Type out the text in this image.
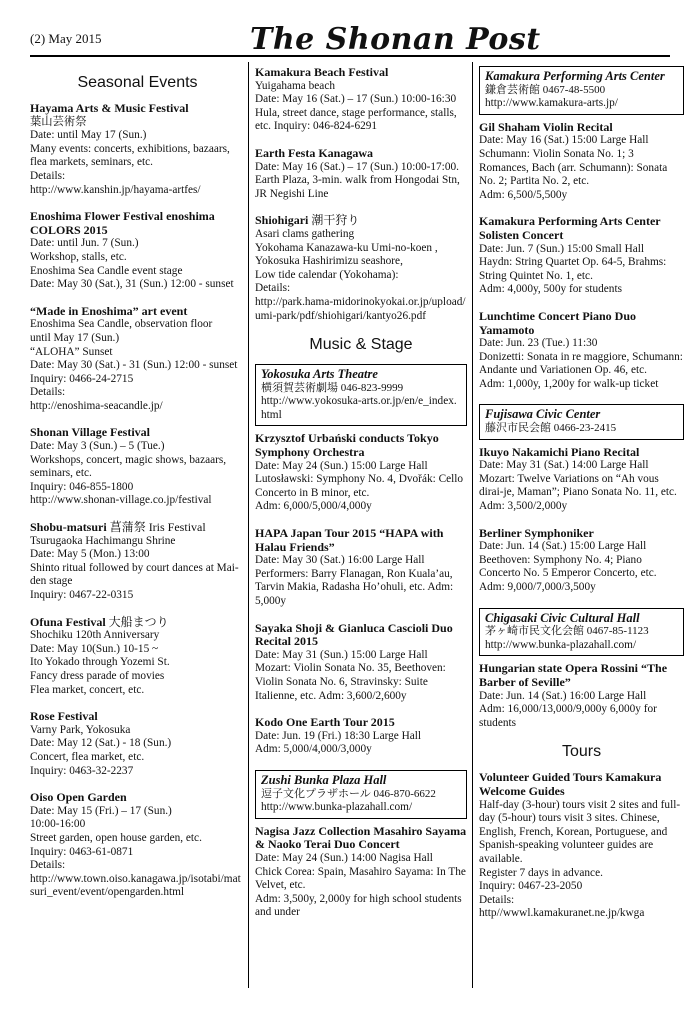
(2) May 2015	The Shonan Post
Seasonal Events
Hayama Arts & Music Festival
葉山芸術祭
Date: until May 17 (Sun.)
Many events: concerts, exhibitions, bazaars, flea markets, seminars, etc.
Details:
http://www.kanshin.jp/hayama-artfes/
Enoshima Flower Festival enoshima COLORS 2015
Date: until Jun. 7 (Sun.)
Workshop, stalls, etc.
Enoshima Sea Candle event stage
Date: May 30 (Sat.), 31 (Sun.) 12:00 - sunset
“Made in Enoshima” art event
Enoshima Sea Candle, observation floor
until May 17 (Sun.)
“ALOHA” Sunset
Date: May 30 (Sat.) - 31 (Sun.) 12:00 - sunset
Inquiry: 0466-24-2715
Details:
http://enoshima-seacandle.jp/
Shonan Village Festival
Date: May 3 (Sun.) – 5 (Tue.)
Workshops, concert, magic shows, bazaars, seminars, etc.
Inquiry: 046-855-1800
http://www.shonan-village.co.jp/festival
Shobu-matsuri 菖蒲祭 Iris Festival
Tsurugaoka Hachimangu Shrine
Date: May 5 (Mon.) 13:00
Shinto ritual followed by court dances at Mai-den stage
Inquiry: 0467-22-0315
Ofuna Festival 大船まつり
Shochiku 120th Anniversary
Date: May 10(Sun.) 10-15 ~
Ito Yokado through Yozemi St.
Fancy dress parade of movies
Flea market, concert, etc.
Rose Festival
Varny Park, Yokosuka
Date: May 12 (Sat.) - 18 (Sun.)
Concert, flea market, etc.
Inquiry: 0463-32-2237
Oiso Open Garden
Date: May 15 (Fri.) – 17 (Sun.)
10:00-16:00
Street garden, open house garden, etc.
Inquiry: 0463-61-0871
Details:
http://www.town.oiso.kanagawa.jp/isotabi/matsuri_event/event/opengarden.html
Kamakura Beach Festival
Yuigahama beach
Date: May 16 (Sat.) – 17 (Sun.) 10:00-16:30
Hula, street dance, stage performance, stalls, etc. Inquiry: 046-824-6291
Earth Festa Kanagawa
Date: May 16 (Sat.) – 17 (Sun.) 10:00-17:00. Earth Plaza, 3-min. walk from Hongodai Stn, JR Negishi Line
Shiohigari 潮干狩り
Asari clams gathering
Yokohama Kanazawa-ku Umi-no-koen , Yokosuka Hashirimizu seashore,
Low tide calendar (Yokohama):
Details:
http://park.hama-midorinokyokai.or.jp/upload/umi-park/pdf/shiohigari/kantyo26.pdf
Music & Stage
Yokosuka Arts Theatre
横須賀芸術劇場 046-823-9999
http://www.yokosuka-arts.or.jp/en/e_index.html
Krzysztof Urbański conducts Tokyo Symphony Orchestra
Date: May 24 (Sun.) 15:00 Large Hall
Lutosławski: Symphony No. 4, Dvořák: Cello Concerto in B minor, etc.
Adm: 6,000/5,000/4,000y
HAPA Japan Tour 2015 “HAPA with Halau Friends”
Date: May 30 (Sat.) 16:00 Large Hall
Performers: Barry Flanagan, Ron Kuala’au, Tarvin Makia, Radasha Ho’ohuli, etc. Adm: 5,000y
Sayaka Shoji & Gianluca Cascioli Duo Recital 2015
Date: May 31 (Sun.) 15:00 Large Hall
Mozart: Violin Sonata No. 35, Beethoven: Violin Sonata No. 6, Stravinsky: Suite Italienne, etc. Adm: 3,600/2,600y
Kodo One Earth Tour 2015
Date: Jun. 19 (Fri.) 18:30 Large Hall
Adm: 5,000/4,000/3,000y
Zushi Bunka Plaza Hall
逗子文化プラザホール 046-870-6622
http://www.bunka-plazahall.com/
Nagisa Jazz Collection Masahiro Sayama & Naoko Terai Duo Concert
Date: May 24 (Sun.) 14:00 Nagisa Hall
Chick Corea: Spain, Masahiro Sayama: In The Velvet, etc.
Adm: 3,500y, 2,000y for high school students and under
Kamakura Performing Arts Center
鎌倉芸術館 0467-48-5500
http://www.kamakura-arts.jp/
Gil Shaham Violin Recital
Date: May 16 (Sat.) 15:00 Large Hall
Schumann: Violin Sonata No. 1; 3 Romances, Bach (arr. Schumann): Sonata No. 2; Partita No. 2, etc.
Adm: 6,500/5,500y
Kamakura Performing Arts Center Solisten Concert
Date: Jun. 7 (Sun.) 15:00 Small Hall
Haydn: String Quartet Op. 64-5, Brahms: String Quintet No. 1, etc.
Adm: 4,000y, 500y for students
Lunchtime Concert Piano Duo Yamamoto
Date: Jun. 23 (Tue.) 11:30
Donizetti: Sonata in re maggiore, Schumann: Andante und Variationen Op. 46, etc.
Adm: 1,000y, 1,200y for walk-up ticket
Fujisawa Civic Center
藤沢市民会館 0466-23-2415
Ikuyo Nakamichi Piano Recital
Date: May 31 (Sat.) 14:00 Large Hall
Mozart: Twelve Variations on “Ah vous dirai-je, Maman”; Piano Sonata No. 11, etc.
Adm: 3,500/2,000y
Berliner Symphoniker
Date: Jun. 14 (Sat.) 15:00 Large Hall
Beethoven: Symphony No. 4; Piano Concerto No. 5 Emperor Concerto, etc.
Adm: 9,000/7,000/3,500y
Chigasaki Civic Cultural Hall
茅ヶ崎市民文化会館 0467-85-1123
http://www.bunka-plazahall.com/
Hungarian state Opera Rossini “The Barber of Seville”
Date: Jun. 14 (Sat.) 16:00 Large Hall
Adm: 16,000/13,000/9,000y 6,000y for students
Tours
Volunteer Guided Tours Kamakura Welcome Guides
Half-day (3-hour) tours visit 2 sites and full-day (5-hour) tours visit 3 sites. Chinese, English, French, Korean, Portuguese, and Spanish-speaking volunteer guides are available.
Register 7 days in advance.
Inquiry: 0467-23-2050
Details:
http//wwwl.kamakuranet.ne.jp/kwga
